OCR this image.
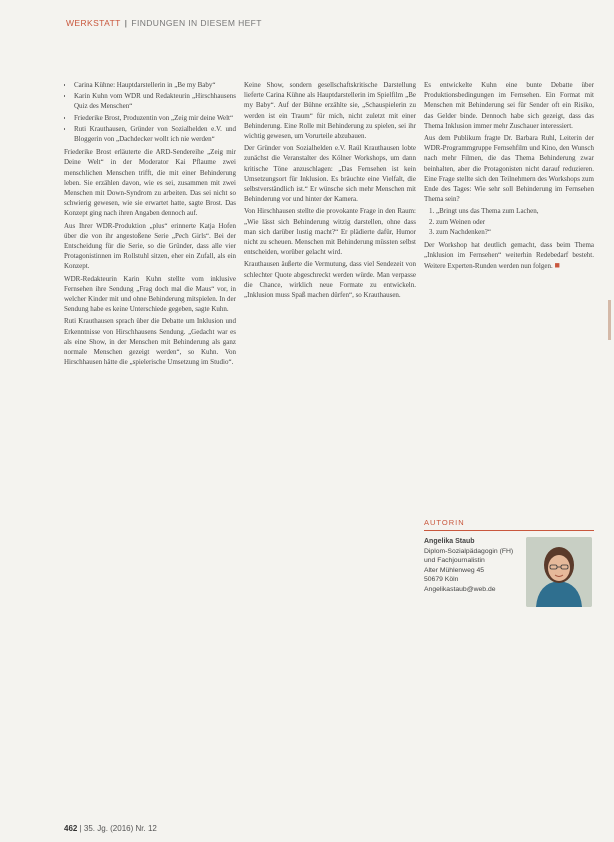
WERKSTATT | FINDUNGEN IN DIESEM HEFT
• Carina Kühne: Hauptdarstellerin in „Be my Baby“
• Karin Kuhn vom WDR und Redakteurin „Hirschhausens Quiz des Menschen“
• Friederike Brost, Produzentin von „Zeig mir deine Welt“
• Ruti Krauthausen, Gründer von Sozialhelden e.V. und Bloggerin von „Dachdecker wollt ich nie werden“

Friederike Brost erläuterte die ARD-Sendereihe „Zeig mir Deine Welt“ in der Moderator Kai Pflaume zwei menschlichen Menschen trifft, die mit einer Behinderung leben. Sie erzählen davon, wie es sei, zusammen mit zwei Menschen mit Down-Syndrom zu arbeiten. Das sei nicht so schwierig gewesen, wie sie erwartet hatte, sagte Brost. Das Konzept ging nach ihren Angaben dennoch auf.

Aus Ihrer WDR-Produktion „plus“ erinnerte Katja Hofen über die von ihr angestoßene Serie „Pech Girls“. Bei der Entscheidung für die Serie, so die Gründer, dass alle vier Protagonistinnen im Rollstuhl sitzen, eher ein Zufall, als ein Konzept.

WDR-Redakteurin Karin Kuhn stellte vom inklusive Fernsehen ihre Sendung „Frag doch mal die Maus“ vor, in welcher Kinder mit und ohne Behinderung mitspielen. In der Sendung habe es keine Unterschiede gegeben, sagte Kuhn.

Ruti Krauthausen sprach über die Debatte um Inklusion und Erkenntnisse von Hirschhausens Sendung. „Gedacht war es als eine Show, in der Menschen mit Behinderung als ganz normale Menschen gezeigt werden“, so Kuhn. Von Hirschhausen hätte die „spielerische Umsetzung im Studio“.

Keine Show, sondern gesellschaftskritische Darstellung lieferte Carina Kühne als Hauptdarstellerin im Spielfilm „Be my Baby“. Auf der Bühne erzählte sie, „Schauspielerin zu werden ist ein Traum“ für mich, nicht zuletzt mit einer Behinderung. Eine Rolle mit Behinderung zu spielen, sei ihr wichtig gewesen, um Vorurteile abzubauen.

Der Gründer von Sozialhelden e.V. Raúl Krauthausen lobte zunächst die Veranstalter des Kölner Workshops, um dann kritische Töne anzuschlagen: „Das Fernsehen ist kein Umsetzungsort für Inklusion. Es bräuchte eine Vielfalt, die selbstverständlich ist.“ Er wünsche sich mehr Menschen mit Behinderung vor und hinter der Kamera.

Von Hirschhausen stellte die provokante Frage in den Raum: „Wie lässt sich Behinderung witzig darstellen, ohne dass man sich darüber lustig macht?“ Er plädierte dafür, Humor nicht zu scheuen. Menschen mit Behinderung müssten selbst entscheiden, worüber gelacht wird.

Krauthausen äußerte die Vermutung, dass viel Sendezeit von schlechter Quote abgeschreckt werden würde. Man verpasse die Chance, wirklich neue Formate zu entwickeln. „Inklusion muss Spaß machen dürfen“, so Krauthausen.

Es entwickelte Kuhn eine bunte Debatte über Produktionsbedingungen im Fernsehen. Ein Format mit Menschen mit Behinderung sei für Sender oft ein Risiko, das Gelder binde. Dennoch habe sich gezeigt, dass das Thema Inklusion immer mehr Zuschauer interessiert.

Aus dem Publikum fragte Dr. Barbara Ruhl, Leiterin der WDR-Programmgruppe Fernsehfilm und Kino, den Wunsch nach mehr Filmen, die das Thema Behinderung zwar beinhalten, aber die Protagonisten nicht darauf reduzieren. Eine Frage stellte sich den Teilnehmern des Workshops zum Ende des Tages: Wie sehr soll Behinderung im Fernsehen Thema sein?

1. „Bringt uns das Thema zum Lachen,
2. zum Weinen oder
3. zum Nachdenken?“

Der Workshop hat deutlich gemacht, dass beim Thema „Inklusion im Fernsehen“ weiterhin Redebedarf besteht. Weitere Experten-Runden werden nun folgen. ■

AUTORIN
Angelika Staub
Diplom-Sozialpädagogin (FH) und Fachjournalistin
Alter Mühlenweg 45
50679 Köln
Angelikastaub@web.de
462 | 35. Jg. (2016) Nr. 12
